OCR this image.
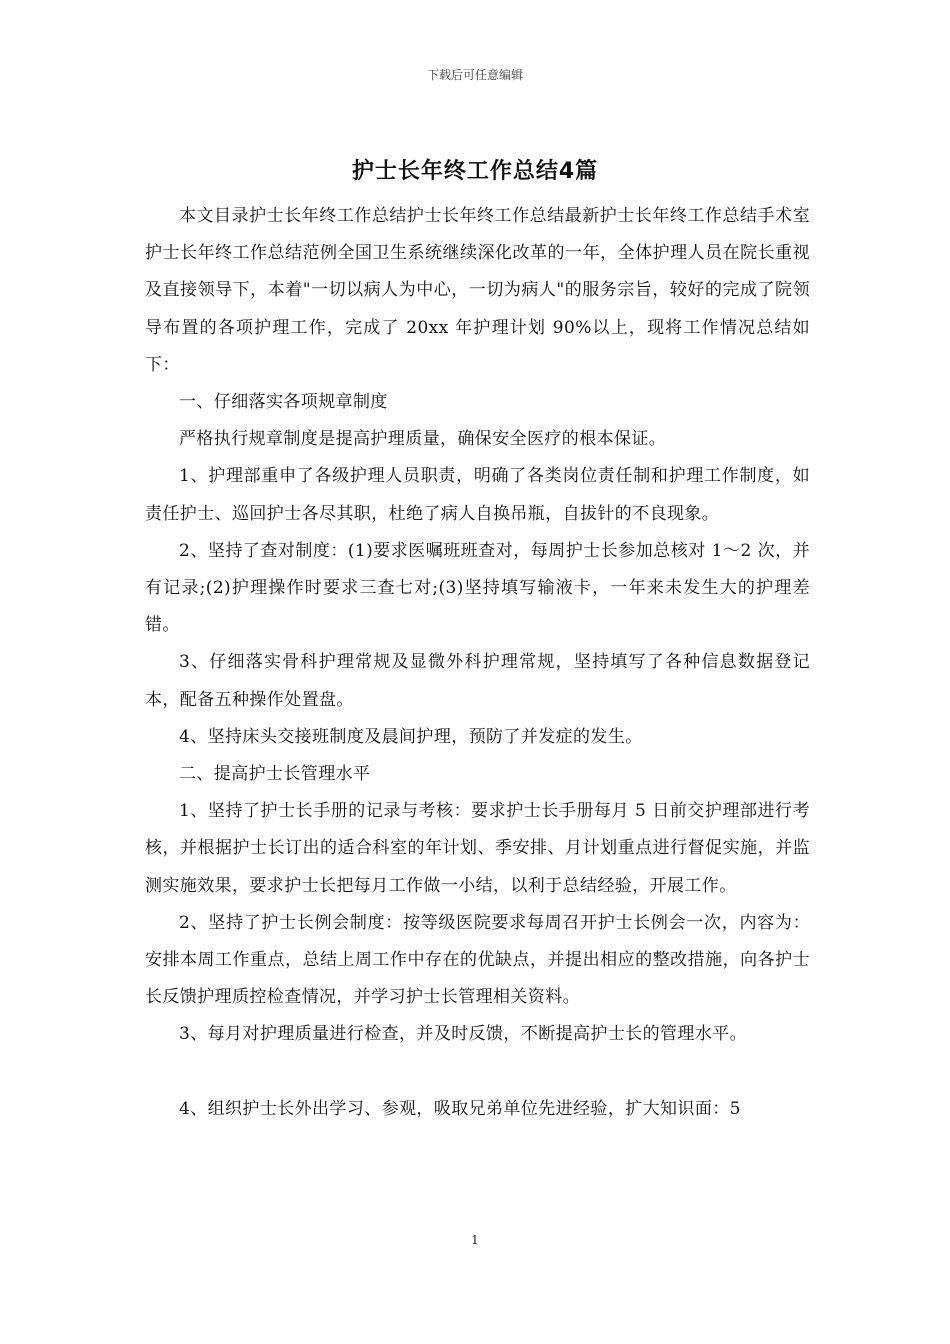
下载后可任意编辑
护士长年终工作总结4篇

本文目录护士长年终工作总结护士长年终工作总结最新护士长年终工作总结手术室护士长年终工作总结范例全国卫生系统继续深化改革的一年，全体护理人员在院长重视及直接领导下，本着"一切以病人为中心，一切为病人"的服务宗旨，较好的完成了院领导布置的各项护理工作，完成了 20xx 年护理计划 90%以上，现将工作情况总结如下：

一、仔细落实各项规章制度

严格执行规章制度是提高护理质量，确保安全医疗的根本保证。

1、护理部重申了各级护理人员职责，明确了各类岗位责任制和护理工作制度，如责任护士、巡回护士各尽其职，杜绝了病人自换吊瓶，自拔针的不良现象。

2、坚持了查对制度：(1)要求医嘱班班查对，每周护士长参加总核对 1～2 次，并有记录;(2)护理操作时要求三查七对;(3)坚持填写输液卡，一年来未发生大的护理差错。

3、仔细落实骨科护理常规及显微外科护理常规，坚持填写了各种信息数据登记本，配备五种操作处置盘。

4、坚持床头交接班制度及晨间护理，预防了并发症的发生。

二、提高护士长管理水平

1、坚持了护士长手册的记录与考核：要求护士长手册每月 5 日前交护理部进行考核，并根据护士长订出的适合科室的年计划、季安排、月计划重点进行督促实施，并监测实施效果，要求护士长把每月工作做一小结，以利于总结经验，开展工作。

2、坚持了护士长例会制度：按等级医院要求每周召开护士长例会一次，内容为：安排本周工作重点，总结上周工作中存在的优缺点，并提出相应的整改措施，向各护士长反馈护理质控检查情况，并学习护士长管理相关资料。

3、每月对护理质量进行检查，并及时反馈，不断提高护士长的管理水平。

4、组织护士长外出学习、参观，吸取兄弟单位先进经验，扩大知识面：5

1
